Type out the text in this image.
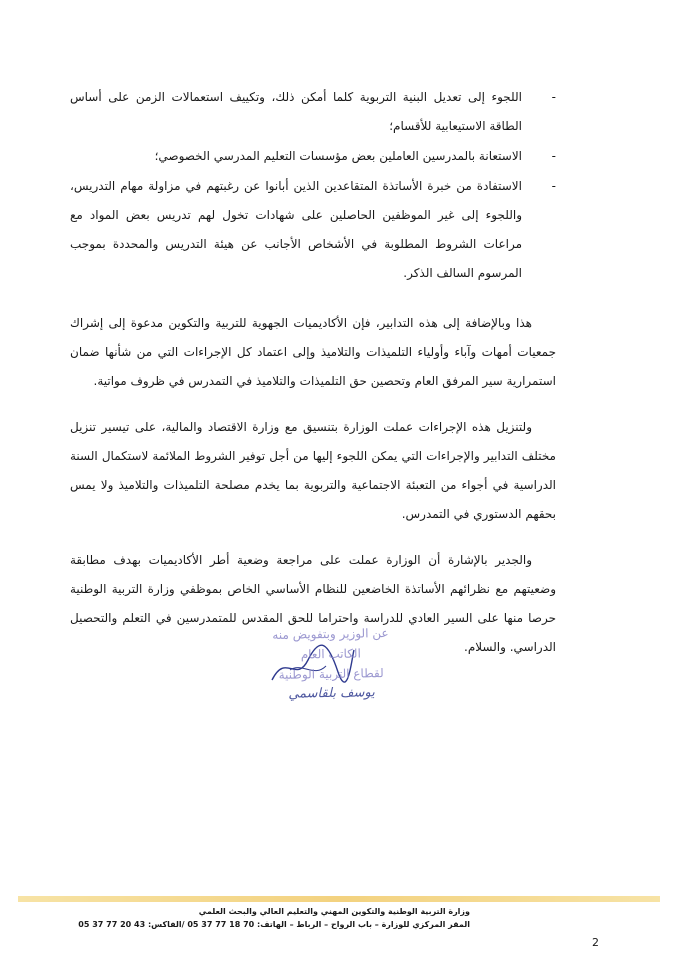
-
اللجوء إلى تعديل البنية التربوية كلما أمكن ذلك، وتكييف استعمالات الزمن على أساس الطاقة الاستيعابية للأقسام؛
-
الاستعانة بالمدرسين العاملين بعض مؤسسات التعليم المدرسي الخصوصي؛
-
الاستفادة من خبرة الأساتذة المتقاعدين الذين أبانوا عن رغبتهم في مزاولة مهام التدريس، واللجوء إلى غير الموظفين الحاصلين على شهادات تخول لهم تدريس بعض المواد مع مراعات الشروط المطلوبة في الأشخاص الأجانب عن هيئة التدريس والمحددة بموجب المرسوم السالف الذكر.

هذا وبالإضافة إلى هذه التدابير، فإن الأكاديميات الجهوية للتربية والتكوين مدعوة إلى إشراك جمعيات أمهات وآباء وأولياء التلميذات والتلاميذ وإلى اعتماد كل الإجراءات التي من شأنها ضمان استمرارية سير المرفق العام وتحصين حق التلميذات والتلاميذ في التمدرس في ظروف مواتية.

ولتنزيل هذه الإجراءات عملت الوزارة بتنسيق مع وزارة الاقتصاد والمالية، على تيسير تنزيل مختلف التدابير والإجراءات التي يمكن اللجوء إليها من أجل توفير الشروط الملائمة لاستكمال السنة الدراسية في أجواء من التعبئة الاجتماعية والتربوية بما يخدم مصلحة التلميذات والتلاميذ ولا يمس بحقهم الدستوري في التمدرس.

والجدير بالإشارة أن الوزارة عملت على مراجعة وضعية أطر الأكاديميات بهدف مطابقة وضعيتهم مع نظرائهم الأساتذة الخاضعين للنظام الأساسي الخاص بموظفي وزارة التربية الوطنية حرصا منها على السير العادي للدراسة واحتراما للحق المقدس للمتمدرسين في التعلم والتحصيل الدراسي. والسلام.

عن الوزير وبتفويض منه
الكاتب العام
لقطاع التربية الوطنية
يوسف بلقاسمي
وزارة التربية الوطنية والتكوين المهني والتعليم العالي والبحث العلمي
المقر المركزي للوزارة – باب الرواح – الرباط – الهاتف: 70 18 77 37 05 /الفاكس: 43 20 77 37 05
2
